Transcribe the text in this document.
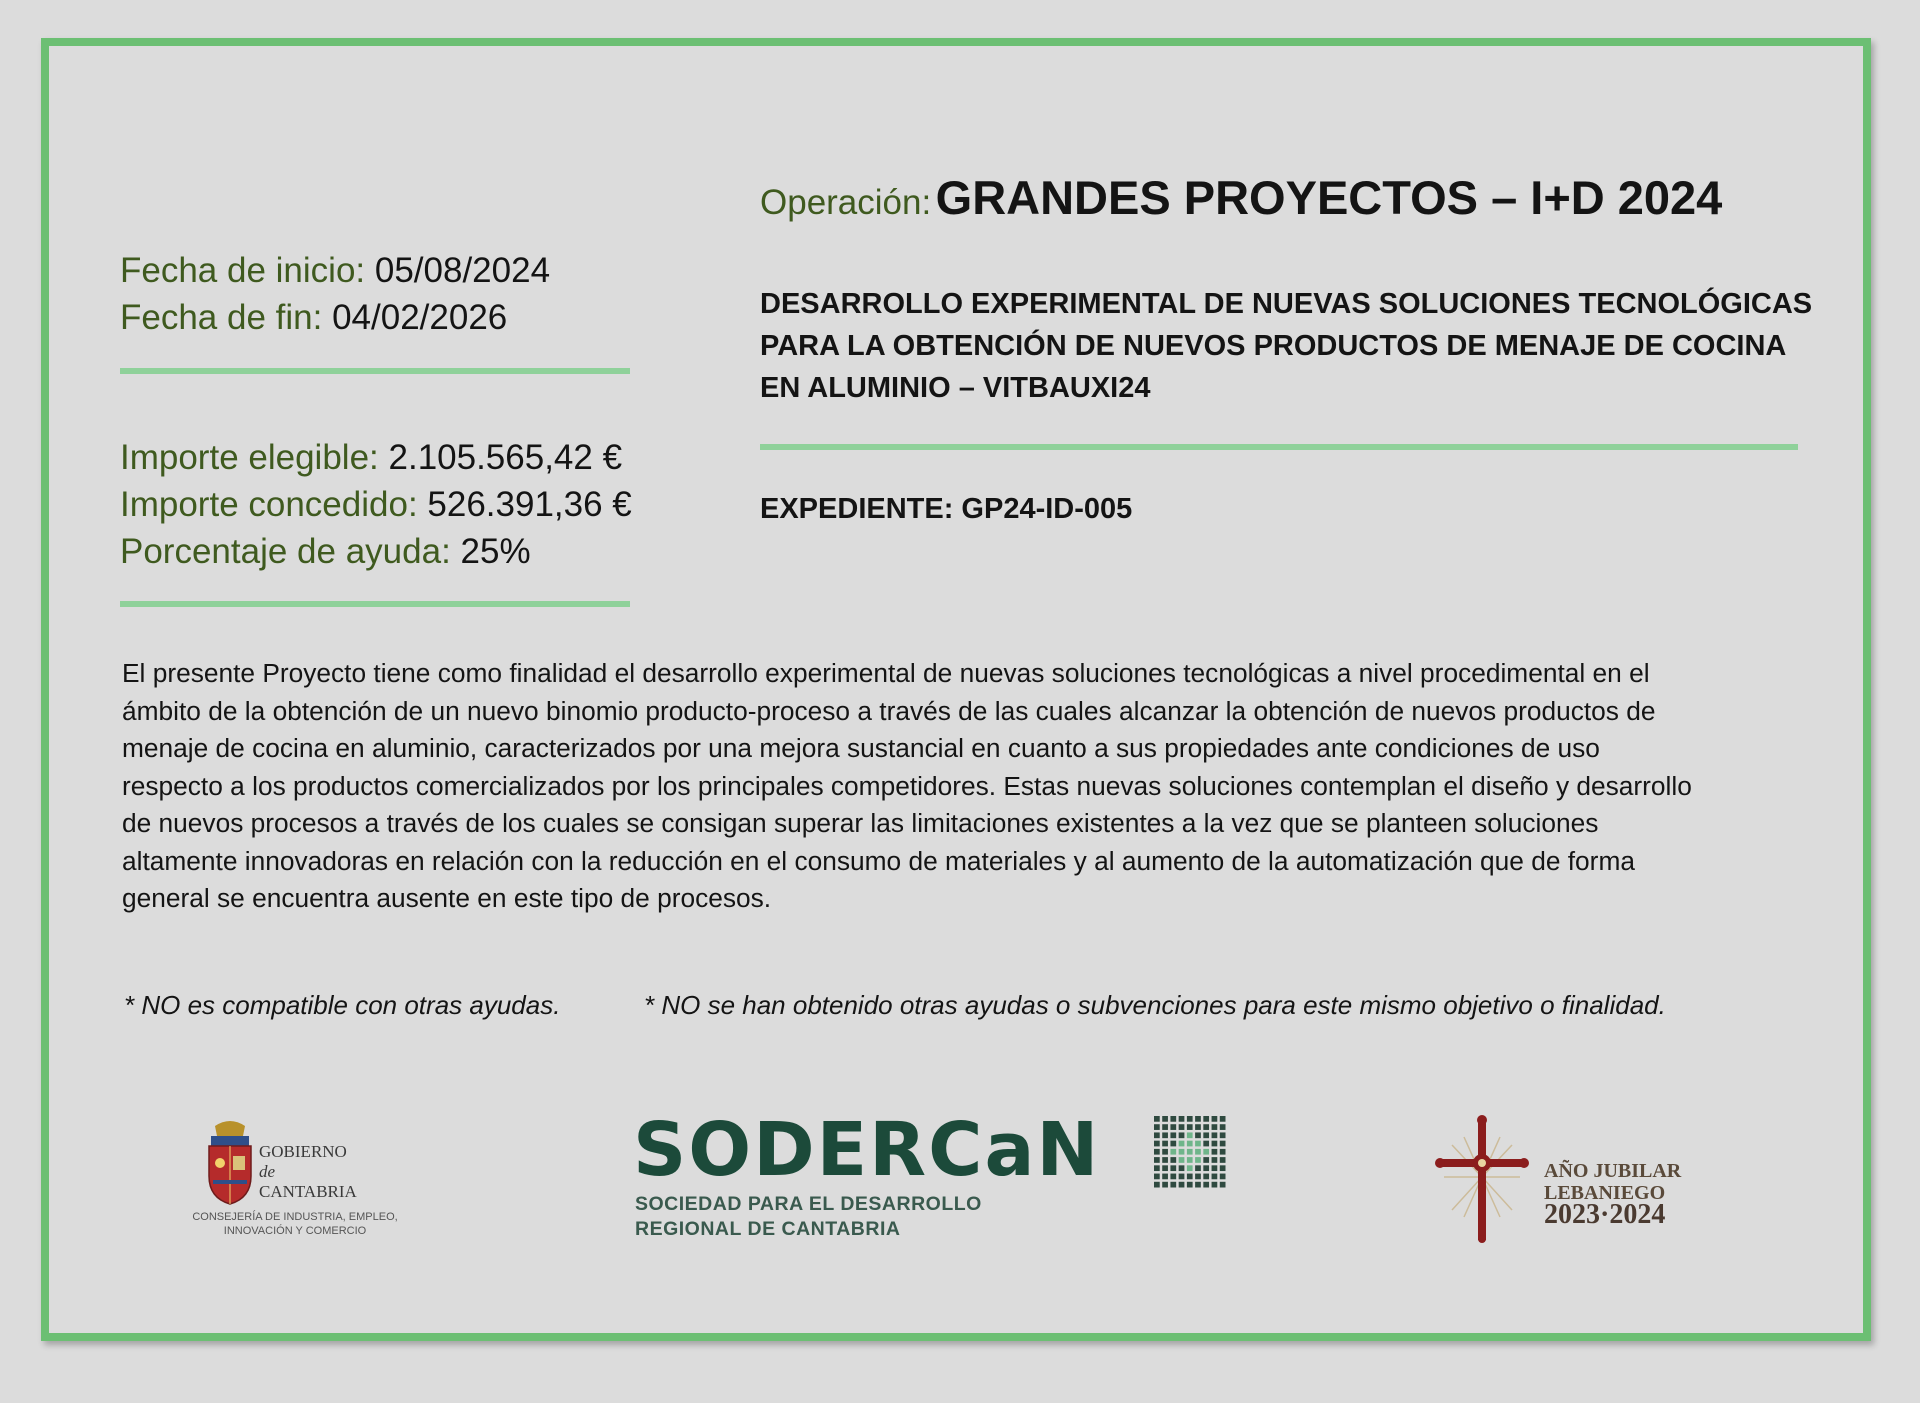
Fecha de inicio: 05/08/2024
Fecha de fin: 04/02/2026
Importe elegible: 2.105.565,42 €
Importe concedido: 526.391,36 €
Porcentaje de ayuda: 25%
Operación: GRANDES PROYECTOS – I+D 2024
DESARROLLO EXPERIMENTAL DE NUEVAS SOLUCIONES TECNOLÓGICAS
PARA LA OBTENCIÓN DE NUEVOS PRODUCTOS DE MENAJE DE COCINA
EN ALUMINIO – VITBAUXI24
EXPEDIENTE: GP24-ID-005
El presente Proyecto tiene como finalidad el desarrollo experimental de nuevas soluciones tecnológicas a nivel procedimental en el
ámbito de la obtención de un nuevo binomio producto-proceso a través de las cuales alcanzar la obtención de nuevos productos de
menaje de cocina en aluminio, caracterizados por una mejora sustancial en cuanto a sus propiedades ante condiciones de uso
respecto a los productos comercializados por los principales competidores. Estas nuevas soluciones contemplan el diseño y desarrollo
de nuevos procesos a través de los cuales se consigan superar las limitaciones existentes a la vez que se planteen soluciones
altamente innovadoras en relación con la reducción en el consumo de materiales y al aumento de la automatización que de forma
general se encuentra ausente en este tipo de procesos.
* NO es compatible con otras ayudas.	* NO se han obtenido otras ayudas o subvenciones para este mismo objetivo o finalidad.
GOBIERNO
de
CANTABRIA
CONSEJERÍA DE INDUSTRIA, EMPLEO,
INNOVACIÓN Y COMERCIO
SODERCaN
SOCIEDAD PARA EL DESARROLLO
REGIONAL DE CANTABRIA
AÑO JUBILAR
LEBANIEGO
2023·2024
